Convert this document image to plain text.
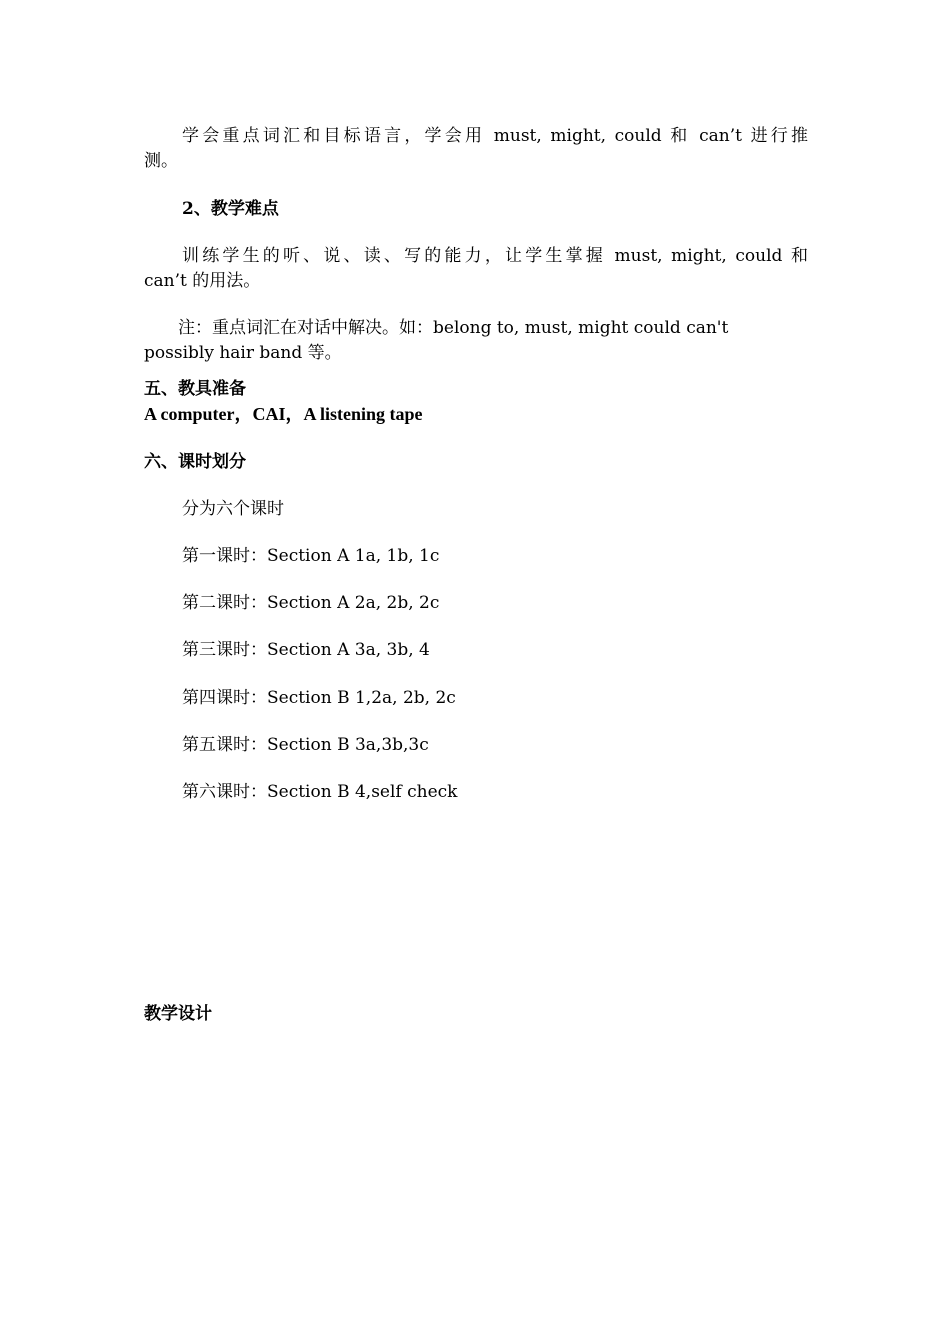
学会重点词汇和目标语言，学会用 must, might, could 和 can’t 进行推
测。
2、教学难点
训练学生的听、说、读、写的能力，让学生掌握 must, might, could 和
can’t 的用法。
注：重点词汇在对话中解决。如：belong to, must, might could can't
possibly hair band 等。
五、教具准备
A computer，CAI，A listening tape
六、课时划分
分为六个课时
第一课时：Section A 1a, 1b, 1c
第二课时：Section A 2a, 2b, 2c
第三课时：Section A 3a, 3b, 4
第四课时：Section B 1,2a, 2b, 2c
第五课时：Section B 3a,3b,3c
第六课时：Section B 4,self check
教学设计
